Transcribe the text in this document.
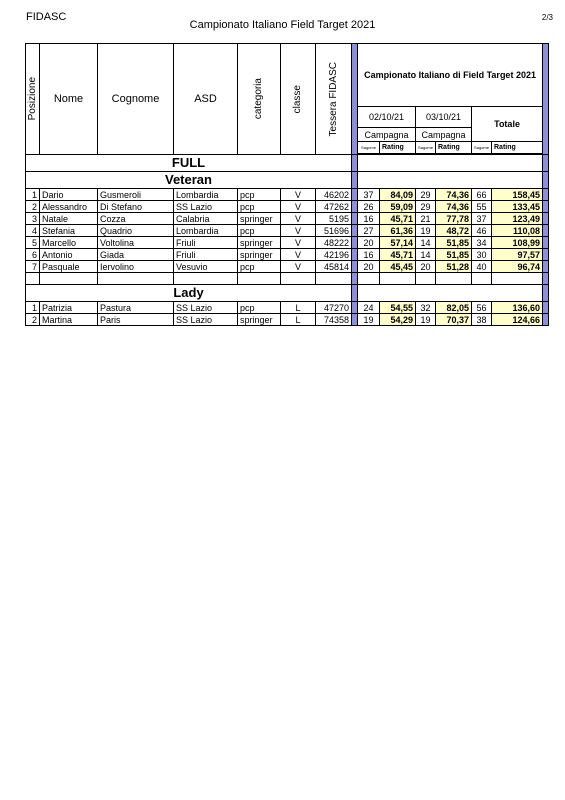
FIDASC
Campionato Italiano Field Target 2021
2/3
Posizione	Nome	Cognome	ASD	categoria	classe	Tessera FIDASC		Campionato Italiano di Field Target 2021						
								02/10/21		03/10/21		Totale		
								Campagna		Campagna				
								Sagome	Rating	Sagome	Rating	Sagome	Rating	

FULL														
Veteran														
1	Dario	Gusmeroli	Lombardia	pcp	V	46202		37	84,09	29	74,36	66	158,45	
2	Alessandro	Di Stefano	SS Lazio	pcp	V	47262		26	59,09	29	74,36	55	133,45	
3	Natale	Cozza	Calabria	springer	V	5195		16	45,71	21	77,78	37	123,49	
4	Stefania	Quadrio	Lombardia	pcp	V	51696		27	61,36	19	48,72	46	110,08	
5	Marcello	Voltolina	Friuli	springer	V	48222		20	57,14	14	51,85	34	108,99	
6	Antonio	Giada	Friuli	springer	V	42196		16	45,71	14	51,85	30	97,57	
7	Pasquale	Iervolino	Vesuvio	pcp	V	45814		20	45,45	20	51,28	40	96,74	

Lady														
1	Patrizia	Pastura	SS Lazio	pcp	L	47270		24	54,55	32	82,05	56	136,60	
2	Martina	Paris	SS Lazio	springer	L	74358		19	54,29	19	70,37	38	124,66	
